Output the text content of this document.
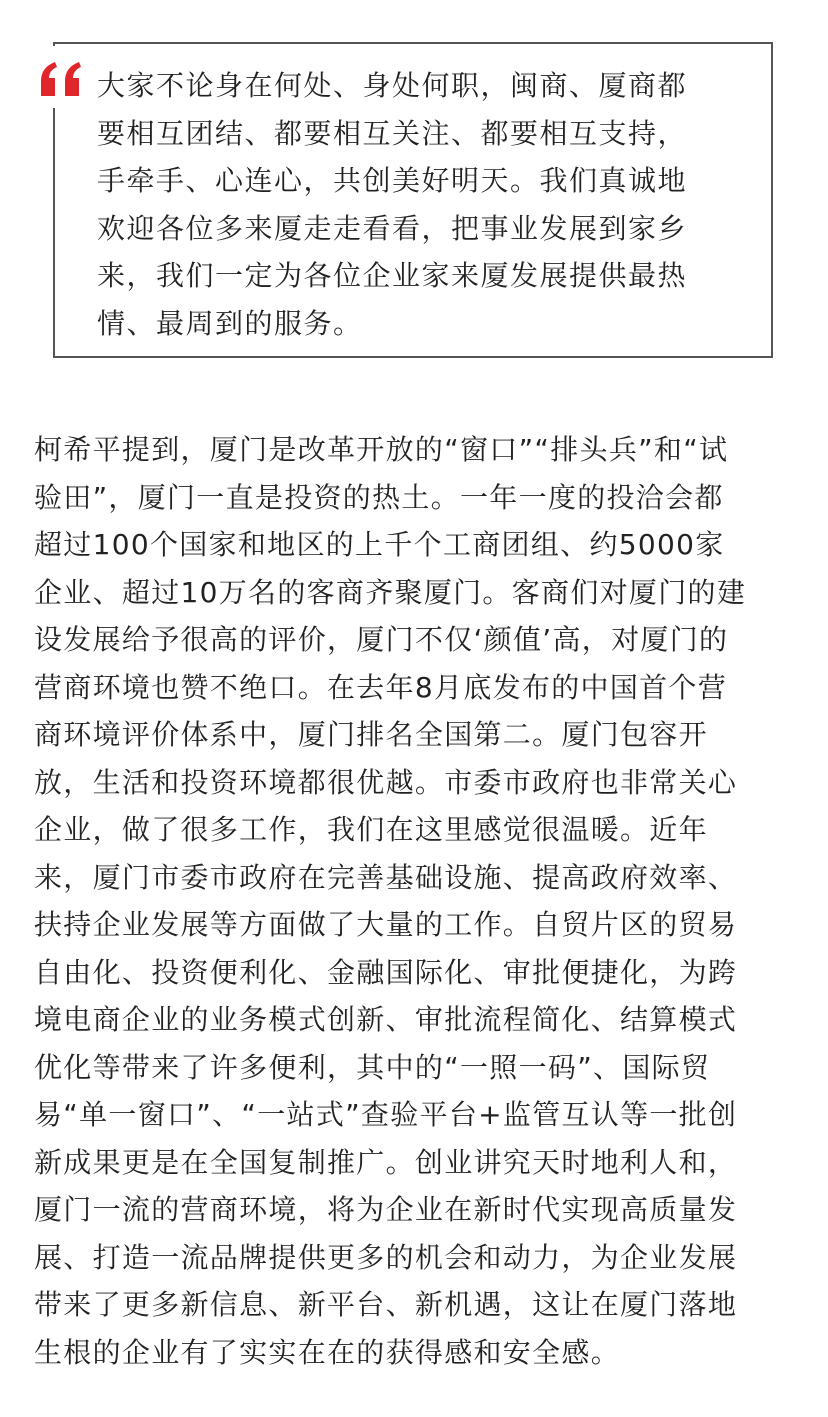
大家不论身在何处、身处何职，闽商、厦商都
要相互团结、都要相互关注、都要相互支持，
手牵手、心连心，共创美好明天。我们真诚地
欢迎各位多来厦走走看看，把事业发展到家乡
来，我们一定为各位企业家来厦发展提供最热
情、最周到的服务。

柯希平提到，厦门是改革开放的“窗口”“排头兵”和“试
验田”，厦门一直是投资的热土。一年一度的投洽会都
超过100个国家和地区的上千个工商团组、约5000家
企业、超过10万名的客商齐聚厦门。客商们对厦门的建
设发展给予很高的评价，厦门不仅‘颜值’高，对厦门的
营商环境也赞不绝口。在去年8月底发布的中国首个营
商环境评价体系中，厦门排名全国第二。厦门包容开
放，生活和投资环境都很优越。市委市政府也非常关心
企业，做了很多工作，我们在这里感觉很温暖。近年
来，厦门市委市政府在完善基础设施、提高政府效率、
扶持企业发展等方面做了大量的工作。自贸片区的贸易
自由化、投资便利化、金融国际化、审批便捷化，为跨
境电商企业的业务模式创新、审批流程简化、结算模式
优化等带来了许多便利，其中的“一照一码”、国际贸
易“单一窗口”、“一站式”查验平台+监管互认等一批创
新成果更是在全国复制推广。创业讲究天时地利人和，
厦门一流的营商环境，将为企业在新时代实现高质量发
展、打造一流品牌提供更多的机会和动力，为企业发展
带来了更多新信息、新平台、新机遇，这让在厦门落地
生根的企业有了实实在在的获得感和安全感。
